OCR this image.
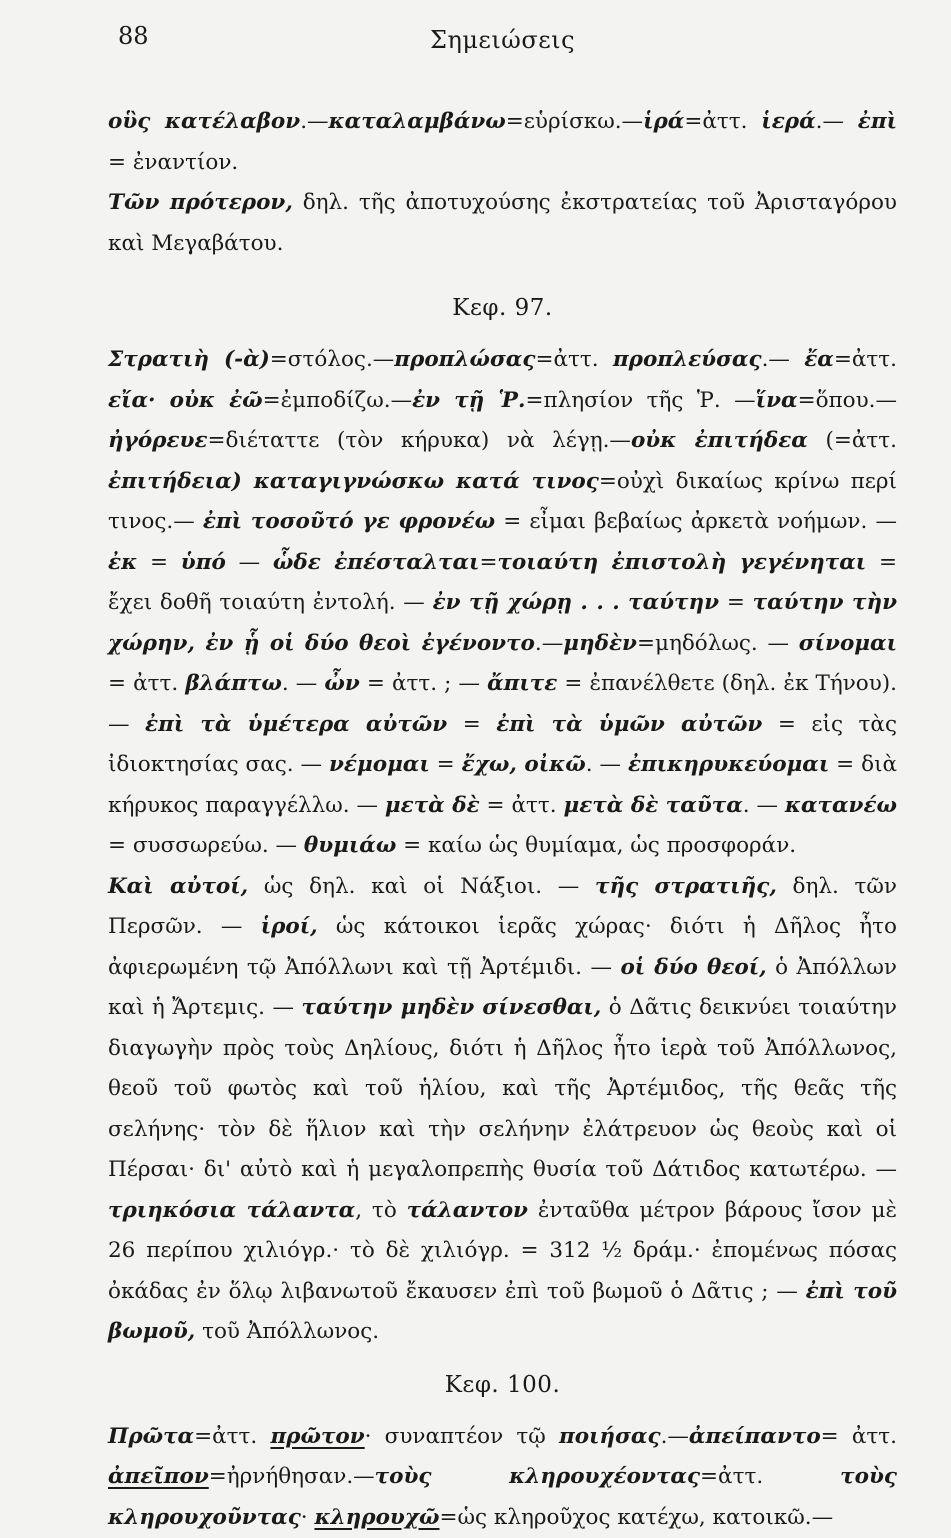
88	Σημειώσεις

οὓς κατέλαβον.—καταλαμβάνω=εὑρίσκω.—ἱρά=ἀττ. ἱερά.— ἐπὶ = ἐναντίον.

Τῶν πρότερον, δηλ. τῆς ἀποτυχούσης ἐκστρατείας τοῦ Ἀρισταγόρου καὶ Μεγαβάτου.

Κεφ. 97.

Στρατιὴ (-ὰ)=στόλος.—προπλώσας=ἀττ. προπλεύσας.— ἔα=ἀττ. εἴα· οὐκ ἐῶ=ἐμποδίζω.—ἐν τῇ Ῥ.=πλησίον τῆς Ῥ. —ἵνα=ὅπου.—ἠγόρευε=διέταττε (τὸν κήρυκα) νὰ λέγῃ.—οὐκ ἐπιτήδεα (=ἀττ. ἐπιτήδεια) καταγιγνώσκω κατά τινος=οὐχὶ δικαίως κρίνω περί τινος.— ἐπὶ τοσοῦτό γε φρονέω = εἶμαι βεβαίως ἀρκετὰ νοήμων. — ἐκ = ὑπό — ὧδε ἐπέσταλται=τοιαύτη ἐπιστολὴ γεγένηται = ἔχει δοθῆ τοιαύτη ἐντολή. — ἐν τῇ χώρῃ . . . ταύτην = ταύτην τὴν χώρην, ἐν ᾗ οἱ δύο θεοὶ ἐγένοντο.—μηδὲν=μηδόλως. — σίνομαι = ἀττ. βλάπτω. — ὦν = ἀττ. ; — ἄπιτε = ἐπανέλθετε (δηλ. ἐκ Τήνου). — ἐπὶ τὰ ὑμέτερα αὐτῶν = ἐπὶ τὰ ὑμῶν αὐτῶν = εἰς τὰς ἰδιοκτησίας σας. — νέμομαι = ἔχω, οἰκῶ. — ἐπικηρυκεύομαι = διὰ κήρυκος παραγγέλλω. — μετὰ δὲ = ἀττ. μετὰ δὲ ταῦτα. — κατανέω = συσσωρεύω. — θυμιάω = καίω ὡς θυμίαμα, ὡς προσφοράν.

Καὶ αὐτοί, ὡς δηλ. καὶ οἱ Νάξιοι. — τῆς στρατιῆς, δηλ. τῶν Περσῶν. — ἱροί, ὡς κάτοικοι ἱερᾶς χώρας· διότι ἡ Δῆλος ἦτο ἀφιερωμένη τῷ Ἀπόλλωνι καὶ τῇ Ἀρτέμιδι. — οἱ δύο θεοί, ὁ Ἀπόλλων καὶ ἡ Ἄρτεμις. — ταύτην μηδὲν σίνεσθαι, ὁ Δᾶτις δεικνύει τοιαύτην διαγωγὴν πρὸς τοὺς Δηλίους, διότι ἡ Δῆλος ἦτο ἱερὰ τοῦ Ἀπόλλωνος, θεοῦ τοῦ φωτὸς καὶ τοῦ ἡλίου, καὶ τῆς Ἀρτέμιδος, τῆς θεᾶς τῆς σελήνης· τὸν δὲ ἥλιον καὶ τὴν σελήνην ἐλάτρευον ὡς θεοὺς καὶ οἱ Πέρσαι· δι' αὐτὸ καὶ ἡ μεγαλοπρεπὴς θυσία τοῦ Δάτιδος κατωτέρω. — τριηκόσια τάλαντα, τὸ τάλαντον ἐνταῦθα μέτρον βάρους ἴσον μὲ 26 περίπου χιλιόγρ.· τὸ δὲ χιλιόγρ. = 312 ½ δράμ.· ἐπομένως πόσας ὀκάδας ἐν ὅλῳ λιβανωτοῦ ἔκαυσεν ἐπὶ τοῦ βωμοῦ ὁ Δᾶτις ; — ἐπὶ τοῦ βωμοῦ, τοῦ Ἀπόλλωνος.

Κεφ. 100.

Πρῶτα=ἀττ. πρῶτον· συναπτέον τῷ ποιήσας.—ἀπείπαντο= ἀττ. ἀπεῖπον=ἠρνήθησαν.—τοὺς κληρουχέοντας=ἀττ. τοὺς κληρουχοῦντας· κληρουχῶ=ὡς κληροῦχος κατέχω, κατοικῶ.—
